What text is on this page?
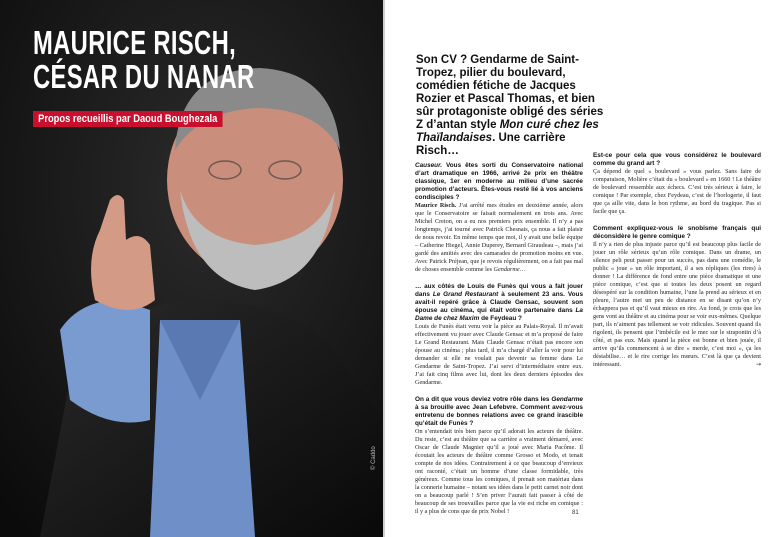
MAURICE RISCH,
CÉSAR DU NANAR
Propos recueillis par Daoud Boughezala
© Caddo
Son CV ? Gendarme de Saint-Tropez, pilier du boulevard, comédien fétiche de Jacques Rozier et Pascal Thomas, et bien sûr protagoniste obligé des séries Z d’antan style Mon curé chez les Thaïlandaises. Une carrière Risch…
Causeur. Vous êtes sorti du Conservatoire national d’art dramatique en 1966, arrivé 2e prix en théâtre classique, 1er en moderne au milieu d’une sacrée promotion d’acteurs. Êtes-vous resté lié à vos anciens condisciples ?
Maurice Risch. J’ai arrêté mes études en deuxième année, alors que le Conservatoire se faisait normalement en trois ans. Avec Michel Creton, on a eu nos premiers prix ensemble. Il n’y a pas longtemps, j’ai tourné avec Patrick Chesnais, ça nous a fait plaisir de nous revoir. En même temps que moi, il y avait une belle équipe – Catherine Hiegel, Annie Duperey, Bernard Giraudeau –, mais j’ai gardé des amitiés avec des camarades de promotion moins en vue. Avec Patrick Préjean, que je revois régulièrement, on a fait pas mal de choses ensemble comme les Gendarme…
… aux côtés de Louis de Funès qui vous a fait jouer dans Le Grand Restaurant à seulement 23 ans. Vous avait-il repéré grâce à Claude Gensac, souvent son épouse au cinéma, qui était votre partenaire dans La Dame de chez Maxim de Feydeau ?
Louis de Funès était venu voir la pièce au Palais-Royal. Il m’avait effectivement vu jouer avec Claude Gensac et m’a proposé de faire Le Grand Restaurant. Mais Claude Gensac n’était pas encore son épouse au cinéma ; plus tard, il m’a chargé d’aller la voir pour lui demander si elle ne voulait pas devenir sa femme dans Le Gendarme de Saint-Tropez. J’ai servi d’intermédiaire entre eux. J’ai fait cinq films avec lui, dont les deux derniers épisodes des Gendarme.
On a dit que vous deviez votre rôle dans les Gendarme à sa brouille avec Jean Lefebvre. Comment avez-vous entretenu de bonnes relations avec ce grand irascible qu’était de Funès ?
On s’entendait très bien parce qu’il adorait les acteurs de théâtre. Du reste, c’est au théâtre que sa carrière a vraiment démarré, avec Oscar de Claude Magnier qu’il a joué avec Maria Pacôme. Il écoutait les acteurs de théâtre comme Grosso et Modo, et tenait compte de nos idées. Contrairement à ce que beaucoup d’envieux ont raconté, c’était un homme d’une classe formidable, très généreux. Comme tous les comiques, il prenait son matériau dans la connerie humaine – notant ses idées dans le petit carnet noir dont on a beaucoup parlé ! S’en priver l’aurait fait passer à côté de beaucoup de ses trouvailles parce que la vie est riche en comique : il y a plus de cons que de prix Nobel !
Est-ce pour cela que vous considérez le boulevard comme du grand art ?
Ça dépend de quel « boulevard » vous parlez. Sans faire de comparaison, Molière c’était du « boulevard » en 1660 ! Le théâtre de boulevard ressemble aux échecs. C’est très sérieux à faire, le comique ! Par exemple, chez Feydeau, c’est de l’horlogerie, il faut que ça aille vite, dans le bon rythme, au bord du tragique. Pas si facile que ça.
Comment expliquez-vous le snobisme français qui déconsidère le genre comique ?
Il n’y a rien de plus injuste parce qu’il est beaucoup plus facile de jouer un rôle sérieux qu’un rôle comique. Dans un drame, un silence peli peut passer pour un succès, pas dans une comédie, le public « joue » un rôle important, il a ses répliques (les rires) à donner ! La différence de fond entre une pièce dramatique et une pièce comique, c’est que si toutes les deux posent un regard désespéré sur la condition humaine, l’une la prend au sérieux et en pleure, l’autre met un peu de distance en se disant qu’on n’y échappera pas et qu’il vaut mieux en rire. Au fond, je crois que les gens vont au théâtre et au cinéma pour se voir eux-mêmes. Quelque part, ils n’aiment pas tellement se voir ridicules. Souvent quand ils rigolent, ils pensent que l’imbécile est le mec sur le strapontin d’à côté, et pas eux. Mais quand la pièce est bonne et bien jouée, il arrive qu’ils commencent à se dire « merde, c’est moi », ça les déstabilise… et le rire corrige les mœurs. C’est là que ça devient intéressant.	→
81
